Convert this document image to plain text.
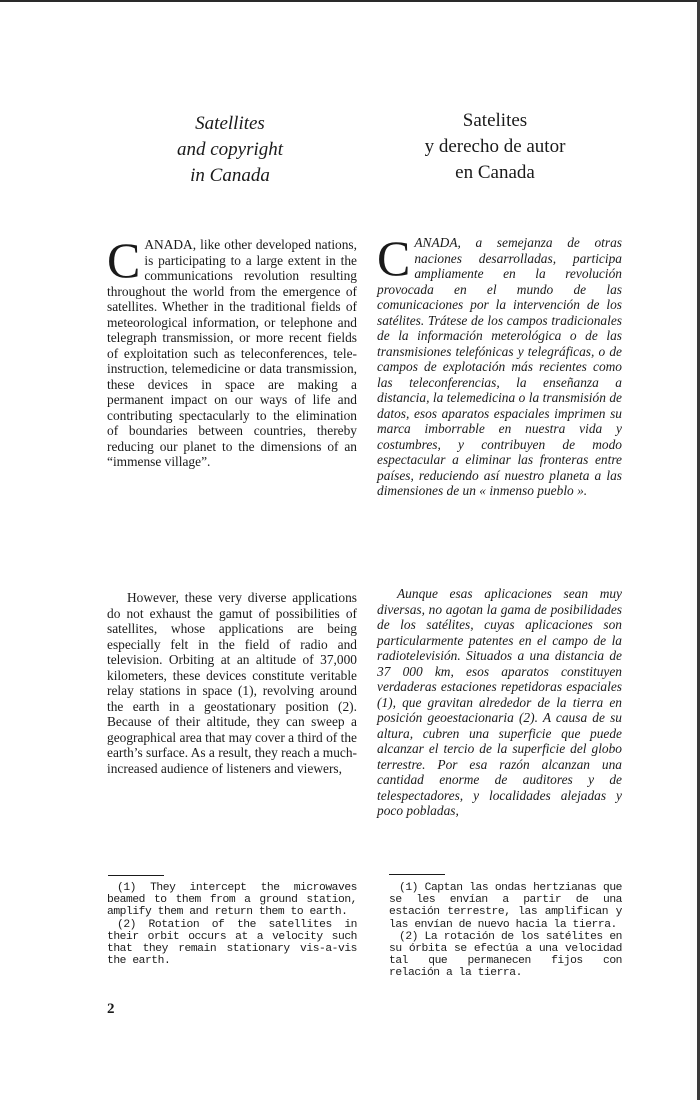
Satellites
and copyright
in Canada
Satelites
y derecho de autor
en Canada

CANADA, like other developed nations, is participating to a large extent in the communications revolution resulting throughout the world from the emergence of satellites. Whether in the traditional fields of meteorological information, or telephone and telegraph transmission, or more recent fields of exploitation such as teleconferences, tele-instruction, telemedicine or data transmission, these devices in space are making a permanent impact on our ways of life and contributing spectacularly to the elimination of boundaries between countries, thereby reducing our planet to the dimensions of an “immense village”.

CANADA, a semejanza de otras naciones desarrolladas, participa ampliamente en la revolución provocada en el mundo de las comunicaciones por la intervención de los satélites. Trátese de los campos tradicionales de la información meterológica o de las transmisiones telefónicas y telegráficas, o de campos de explotación más recientes como las teleconferencias, la enseñanza a distancia, la telemedicina o la transmisión de datos, esos aparatos espaciales imprimen su marca imborrable en nuestra vida y costumbres, y contribuyen de modo espectacular a eliminar las fronteras entre países, reduciendo así nuestro planeta a las dimensiones de un « inmenso pueblo ».

However, these very diverse applications do not exhaust the gamut of possibilities of satellites, whose applications are being especially felt in the field of radio and television. Orbiting at an altitude of 37,000 kilometers, these devices constitute veritable relay stations in space (1), revolving around the earth in a geostationary position (2). Because of their altitude, they can sweep a geographical area that may cover a third of the earth’s surface. As a result, they reach a much-increased audience of listeners and viewers,

Aunque esas aplicaciones sean muy diversas, no agotan la gama de posibilidades de los satélites, cuyas aplicaciones son particularmente patentes en el campo de la radiotelevisión. Situados a una distancia de 37 000 km, esos aparatos constituyen verdaderas estaciones repetidoras espaciales (1), que gravitan alrededor de la tierra en posición geoestacionaria (2). A causa de su altura, cubren una superficie que puede alcanzar el tercio de la superficie del globo terrestre. Por esa razón alcanzan una cantidad enorme de auditores y de telespectadores, y localidades alejadas y poco pobladas,

(1) They intercept the microwaves beamed to them from a ground station, amplify them and return them to earth.

(2) Rotation of the satellites in their orbit occurs at a velocity such that they remain stationary vis-a-vis the earth.

(1) Captan las ondas hertzianas que se les envían a partir de una estación terrestre, las amplifican y las envían de nuevo hacia la tierra.

(2) La rotación de los satélites en su órbita se efectúa a una velocidad tal que permanecen fijos con relación a la tierra.

2
